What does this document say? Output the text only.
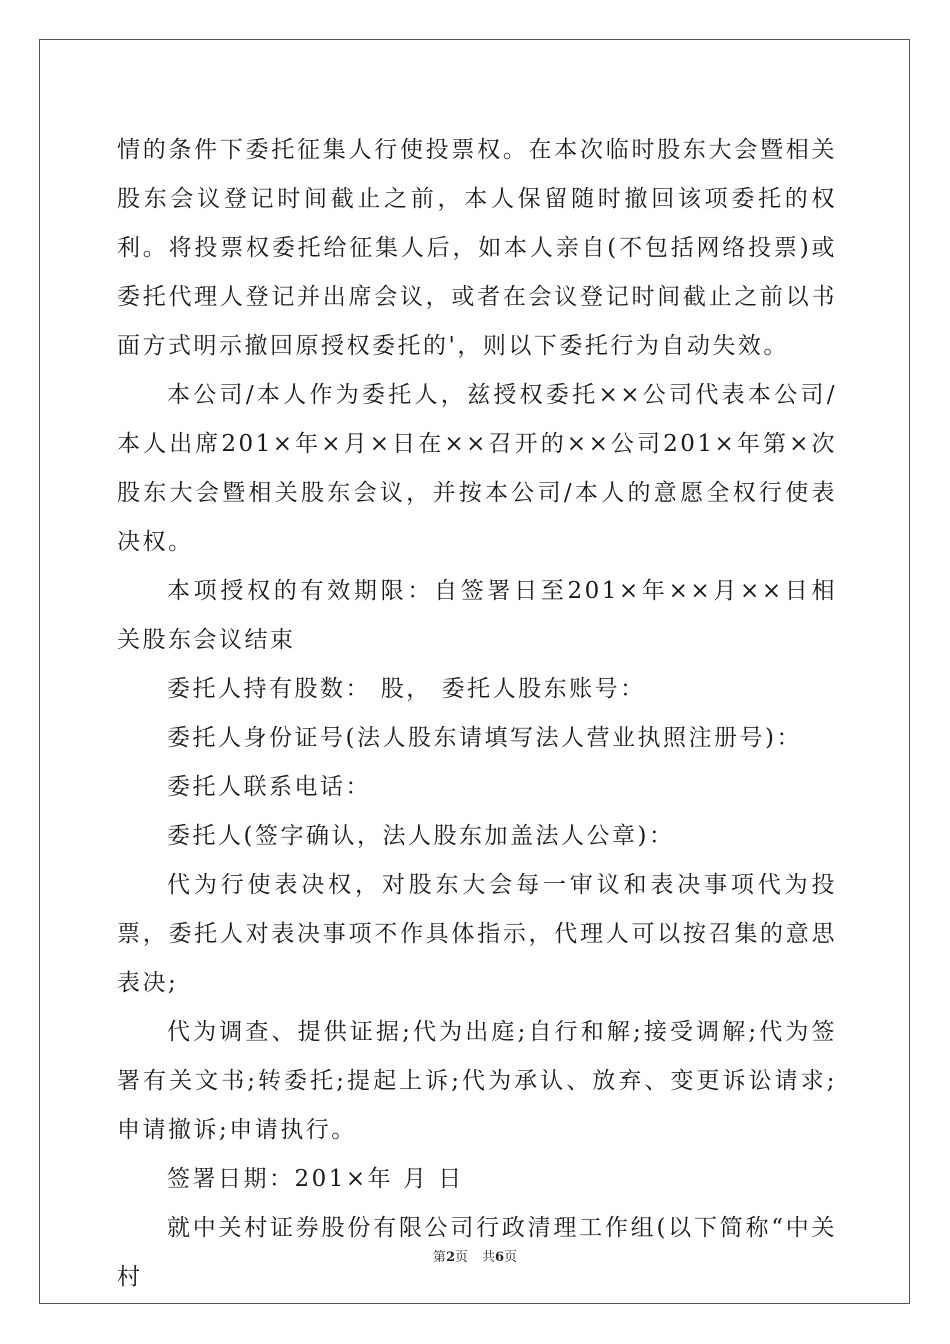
情的条件下委托征集人行使投票权。在本次临时股东大会暨相关股东会议登记时间截止之前，本人保留随时撤回该项委托的权利。将投票权委托给征集人后，如本人亲自(不包括网络投票)或委托代理人登记并出席会议，或者在会议登记时间截止之前以书面方式明示撤回原授权委托的'，则以下委托行为自动失效。

本公司/本人作为委托人，兹授权委托××公司代表本公司/本人出席201×年×月×日在××召开的××公司201×年第×次股东大会暨相关股东会议，并按本公司/本人的意愿全权行使表决权。

本项授权的有效期限：自签署日至201×年××月××日相关股东会议结束

委托人持有股数： 股， 委托人股东账号：

委托人身份证号(法人股东请填写法人营业执照注册号)：

委托人联系电话：

委托人(签字确认，法人股东加盖法人公章)：

代为行使表决权，对股东大会每一审议和表决事项代为投票，委托人对表决事项不作具体指示，代理人可以按召集的意思表决;

代为调查、提供证据;代为出庭;自行和解;接受调解;代为签署有关文书;转委托;提起上诉;代为承认、放弃、变更诉讼请求;申请撤诉;申请执行。

签署日期：201×年 月 日

就中关村证券股份有限公司行政清理工作组(以下简称“中关村

第2页 共6页
